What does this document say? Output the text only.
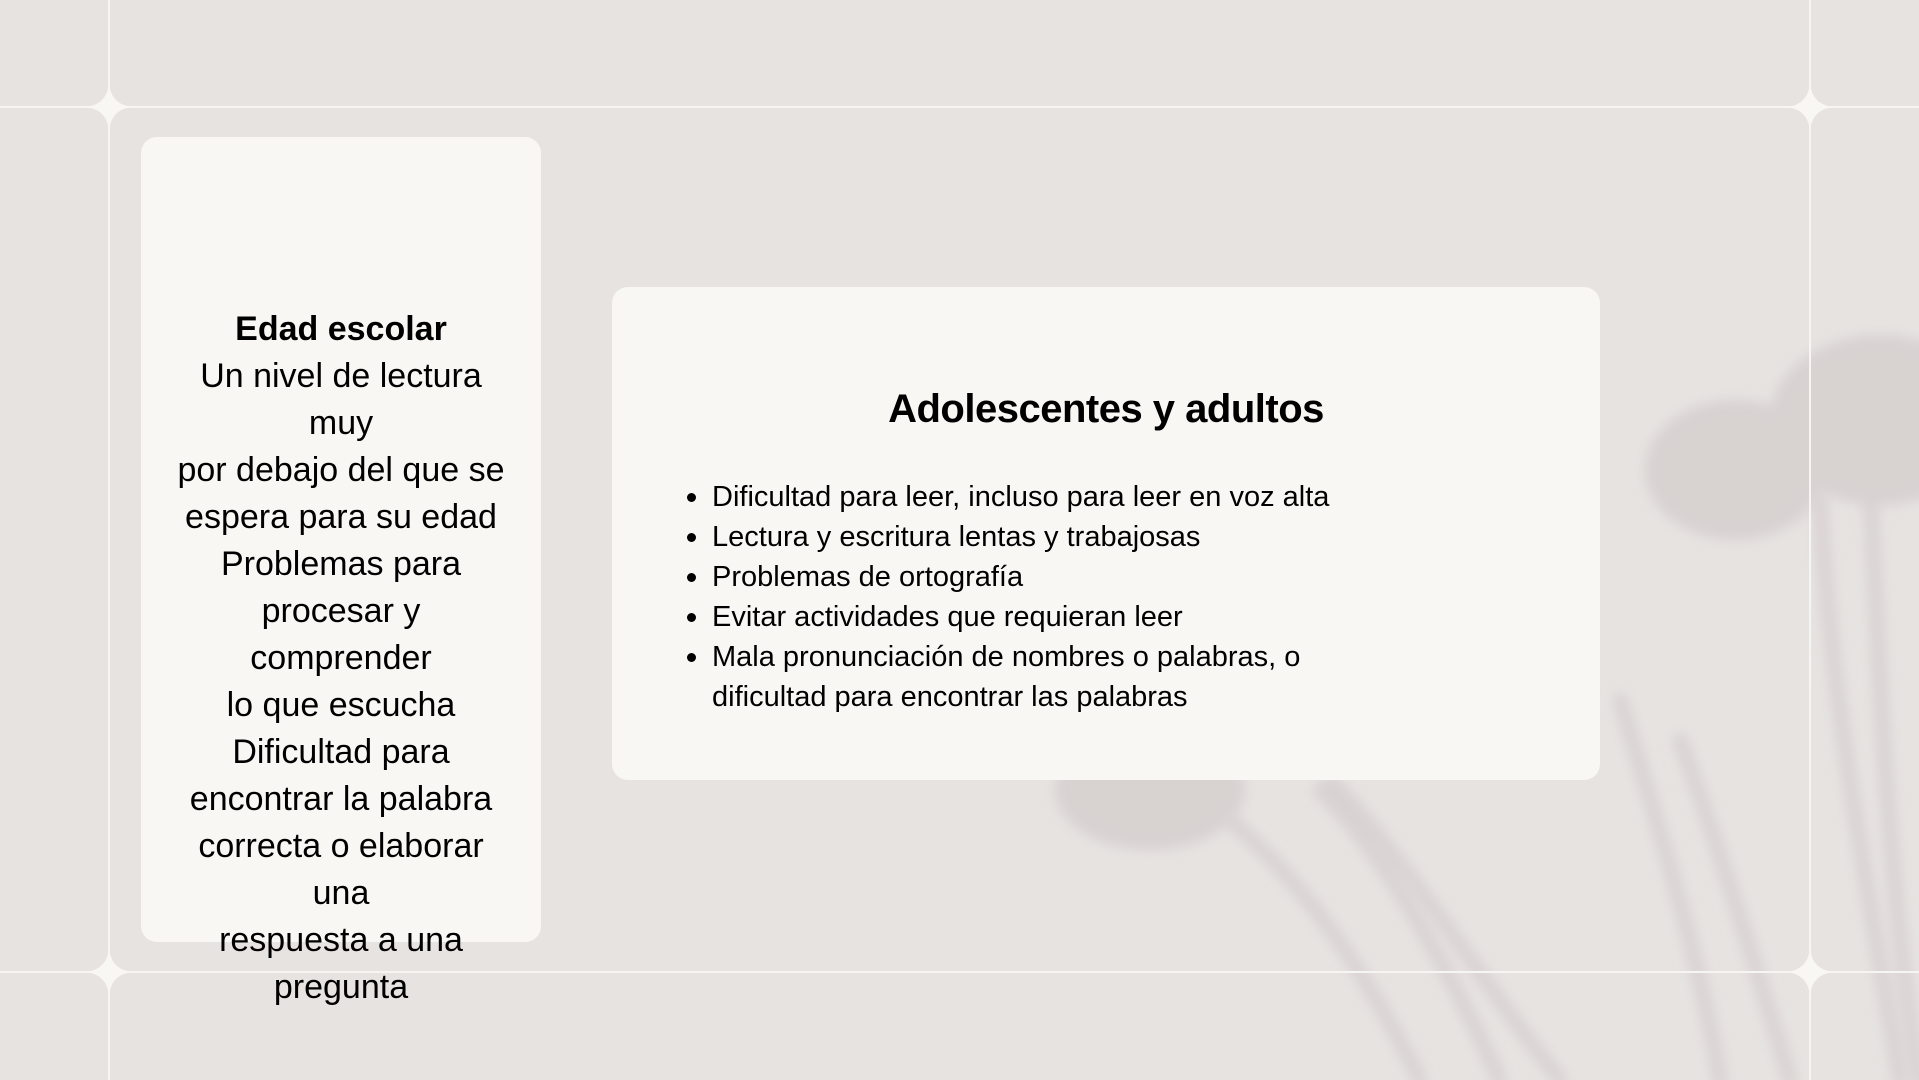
Edad escolar
Un nivel de lectura
muy
por debajo del que se
espera para su edad
Problemas para
procesar y
comprender
lo que escucha
Dificultad para
encontrar la palabra
correcta o elaborar
una
respuesta a una
pregunta
Adolescentes y adultos
Dificultad para leer, incluso para leer en voz alta
Lectura y escritura lentas y trabajosas
Problemas de ortografía
Evitar actividades que requieran leer
Mala pronunciación de nombres o palabras, o dificultad para encontrar las palabras
